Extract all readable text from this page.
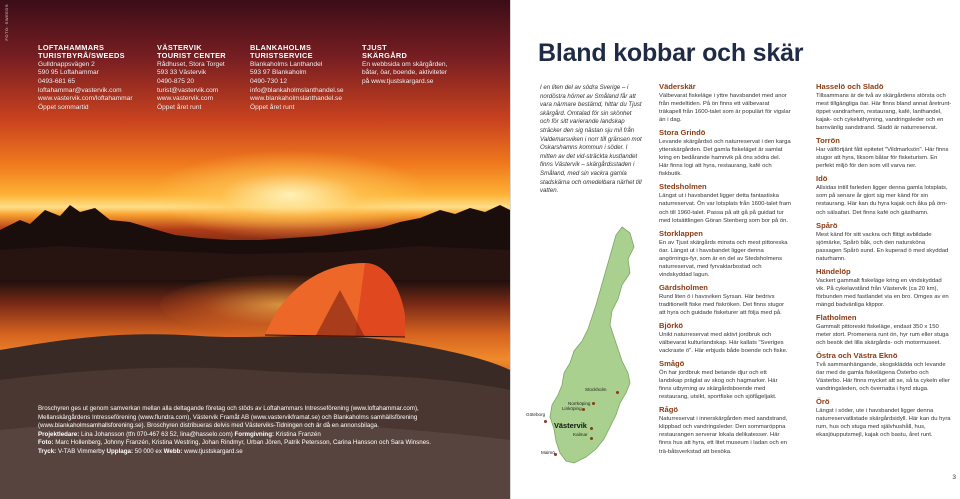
FOTO: SWEEDS
LOFTAHAMMARS
TURISTBYRÅ/SWEEDS
Gulldnappsvägen 2
590 95 Loftahammar
0493-681 65
loftahammar@vastervik.com
www.vastervik.com/loftahammar
Öppet sommartid
VÄSTERVIK
TOURIST CENTER
Rådhuset, Stora Torget
593 33 Västervik
0490-875 20
turist@vastervik.com
www.vastervik.com
Öppet året runt
BLANKAHOLMS
TURISTSERVICE
Blankaholms Lanthandel
593 97 Blankaholm
0490-730 12
info@blankaholmslanthandel.se
www.blankaholmslanthandel.se
Öppet året runt
TJUST
SKÄRGÅRD
En webbsida om skärgården,
båtar, öar, boende, aktiviteter
på www.tjustskargard.se
Broschyren ges ut genom samverkan mellan alla deltagande företag och stöds av Loftahammars Intresseförening (www.loftahammar.com),
Mellanskärgårdens Intresseförening (www.flundra.com), Västervik Framåt AB (www.vastervikframat.se) och Blankaholms samhällsförening
(www.blankaholmsamhallsforening.se). Broschyren distribueras delvis med Västerviks-Tidningen och är då en annonsbilaga.
Projektledare: Lina Johansson (tfn 070-467 63 52, lina@hasselo.com) Formgivning: Kristina Franzén
Foto: Marc Hollenberg, Johnny Franzén, Kristina Westring, Johan Rindmyr, Urban Jören, Patrik Petersson, Carina Hansson och Sara Winsnes.
Tryck: V-TAB Vimmerby Upplaga: 50 000 ex Webb: www.tjustskargard.se
Bland kobbar och skär

I en liten del av södra Sverige – i nordöstra hörnet av Småland får att vara närmare bestämd, hittar du Tjust skärgård. Omtalad för sin skönhet och för sitt varierande landskap sträcker den sig nästan sju mil från Valdemarsviken i norr till gränsen mot Oskarshamns kommun i söder. I mitten av det vid-sträckta kustlandet finns Västervik – skärgårdsstaden i Småland, med sin vackra gamla stadskärna och omedelbara närhet till vatten.

Stockholm
Norrköping
Linköping
Göteborg
Västervik
Kalmar
Malmö
Väderskär
Välbevarat fiskeläge i yttre havsbandet med anor från medeltiden. På ön finns ett välbevarat träkapell från 1600-talet som är populärt för vigslar än i dag.
Stora Grindö
Levande skärgårdsö och naturreservat i den karga ytterskärgården. Det gamla fiskeläget är samlat kring en bedårande hamnvik på öns södra del. Här finns logi att hyra, restaurang, kafé och fiskbutik.
Stedsholmen
Längst ut i havsbandet ligger detta fantastiska naturreservat. Ön var lotsplats från 1600-talet fram och till 1960-talet. Passa på att gå på guidad tur med lotsättlingen Göran Stenberg som bor på ön.
Storklappen
En av Tjust skärgårds minsta och mest pittoreska öar. Längst ut i havsbandet ligger denna angörnings-fyr, som är en del av Stedsholmens naturreservat, med fyrvaktarbostad och vindskyddad lagun.
Gärdsholmen
Rund liten ö i havsviken Syrsan. Här bedrivs traditionellt fiske med fiskröken. Det finns stugor att hyra och guidade fisketurer att följa med på.
Björkö
Unikt naturreservat med aktivt jordbruk och välbevarat kulturlandskap. Här kallats "Sveriges vackraste ö". Här erbjuds både boende och fiske.
Smågö
Ön har jordbruk med betande djur och ett landskap präglat av skog och hagmarker. Här finns utbyrning av skärgårdsboende med restaurang, utsikt, sportfiske och sjöfågeljakt.
Rågö
Naturreservat i innerskärgården med sandstrand, klippbad och vandringsleder. Den sommaröppna restaurangen serverar lokala delikatesser. Här finns hus att hyra, ett litet museum i ladan och en trä-båtsverkstad att besöka.
Hasselö och Sladö
Tillsammans är de två av skärgårdens största och mest tillgängliga öar. Här finns bland annat åretruntöppet vandrarhem, restaurang, kafé, lanthandel, kajak- och cykeluthyrning, vandringsleder och en barnvänlig sandstrand. Sladö är naturreservat.
Torrön
Har välförtjänt fått epitetet "Vildmarksön". Här finns stugor att hyra, liksom båtar för fisketurism. En perfekt miljö för den som vill varva ner.
Idö
Allsidas intill farleden ligger denna gamla lotsplats, som på senare år gjort sig mer känd för sin restaurang. Här kan du hyra kajak och åka på örn-och sälsafari. Det finns kafé och gästhamn.
Spårö
Mest känd för sitt vackra och flitigt avbildade sjömärke, Spårö båk, och den natursköna passagen Spårö sund. En kuperad ö med skyddad naturhamn.
Händelöp
Vackert gammalt fiskeläge kring en vindskyddad vik. På cykelavstånd från Västervik (ca 20 km), förbunden med fastlandet via en bro. Omges av en mängd badvänliga klippor.
Flatholmen
Gammalt pittoreskt fiskeläge, endast 350 x 150 meter stort. Promenera runt ön, hyr rum eller stuga och besök det lilla skärgårds- och motormuseet.
Östra och Västra Eknö
Två sammanhängande, skogsklädda och levande öar med de gamla fiskelägena Österbo och Västerbo. Här finns mycket att se, så ta cykeln eller vandringsleden, och övernatta i hyrd stuga.
Örö
Längst i söder, ute i havsbandet ligger denna naturreservatlistade skärgårdsidyll. Här kan du hyra rum, hus och stuga med självhushåll, hus, ekasjöupputsmejl, kajak och bastu, året runt.
3
